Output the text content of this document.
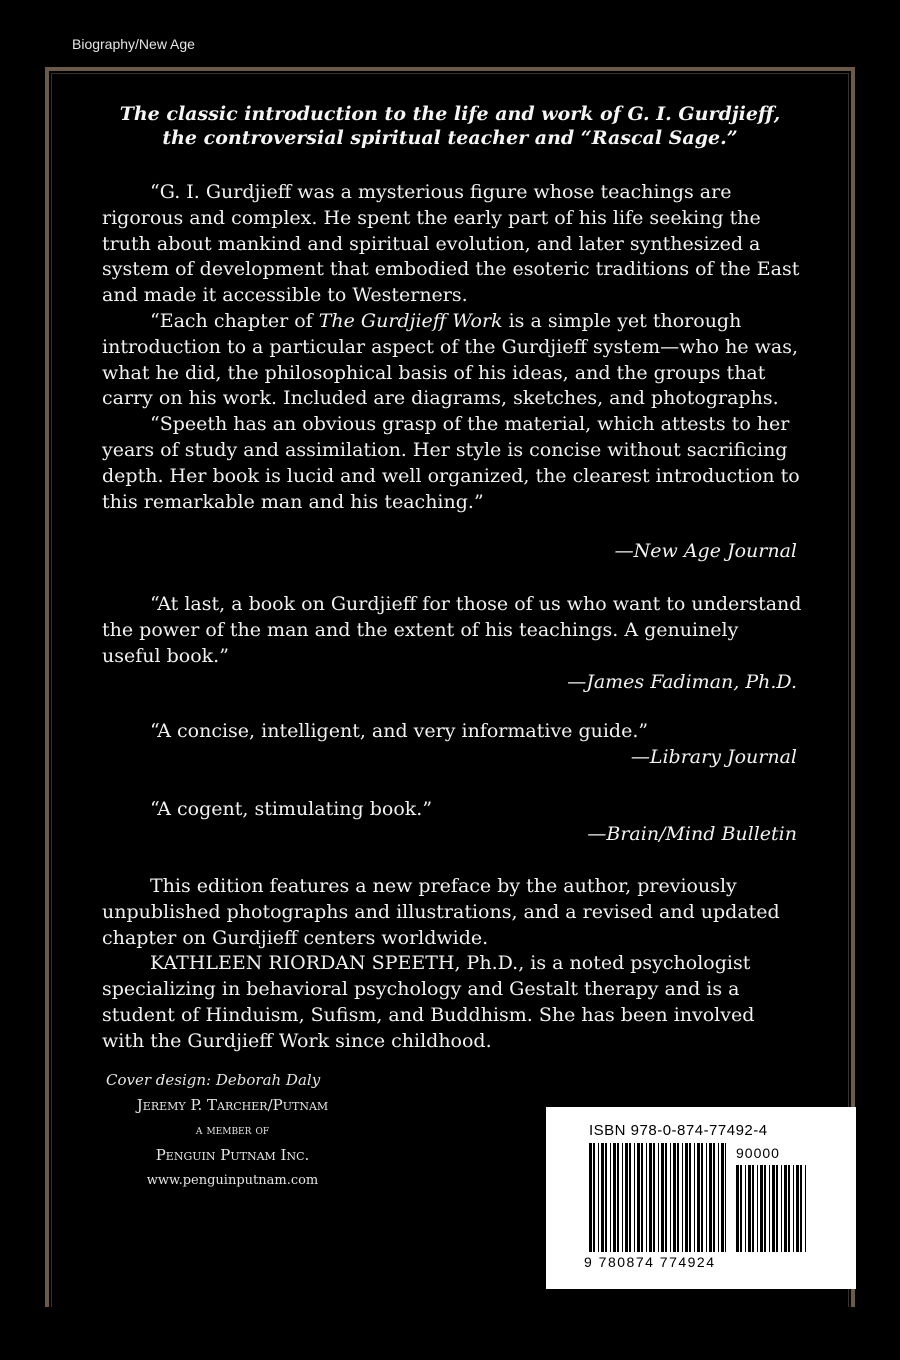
Biography/New Age
The classic introduction to the life and work of G. I. Gurdjieff,
the controversial spiritual teacher and “Rascal Sage.”

“G. I. Gurdjieff was a mysterious figure whose teachings are rigorous and complex. He spent the early part of his life seeking the truth about mankind and spiritual evolution, and later synthesized a system of development that embodied the esoteric traditions of the East and made it accessible to Westerners.

“Each chapter of The Gurdjieff Work is a simple yet thorough introduction to a particular aspect of the Gurdjieff system—who he was, what he did, the philosophical basis of his ideas, and the groups that carry on his work. Included are diagrams, sketches, and photographs.

“Speeth has an obvious grasp of the material, which attests to her years of study and assimilation. Her style is concise without sacrificing depth. Her book is lucid and well organized, the clearest introduction to this remarkable man and his teaching.”

—New Age Journal

“At last, a book on Gurdjieff for those of us who want to understand the power of the man and the extent of his teachings. A genuinely useful book.”

—James Fadiman, Ph.D.

“A concise, intelligent, and very informative guide.”

—Library Journal

“A cogent, stimulating book.”

—Brain/Mind Bulletin

This edition features a new preface by the author, previously unpublished photographs and illustrations, and a revised and updated chapter on Gurdjieff centers worldwide.

KATHLEEN RIORDAN SPEETH, Ph.D., is a noted psychologist specializing in behavioral psychology and Gestalt therapy and is a student of Hinduism, Sufism, and Buddhism. She has been involved with the Gurdjieff Work since childhood.

Cover design: Deborah Daly
Jeremy P. Tarcher/Putnam
a member of
Penguin Putnam Inc.
www.penguinputnam.com
ISBN 978-0-874-77492-4
90000
9 780874 774924
